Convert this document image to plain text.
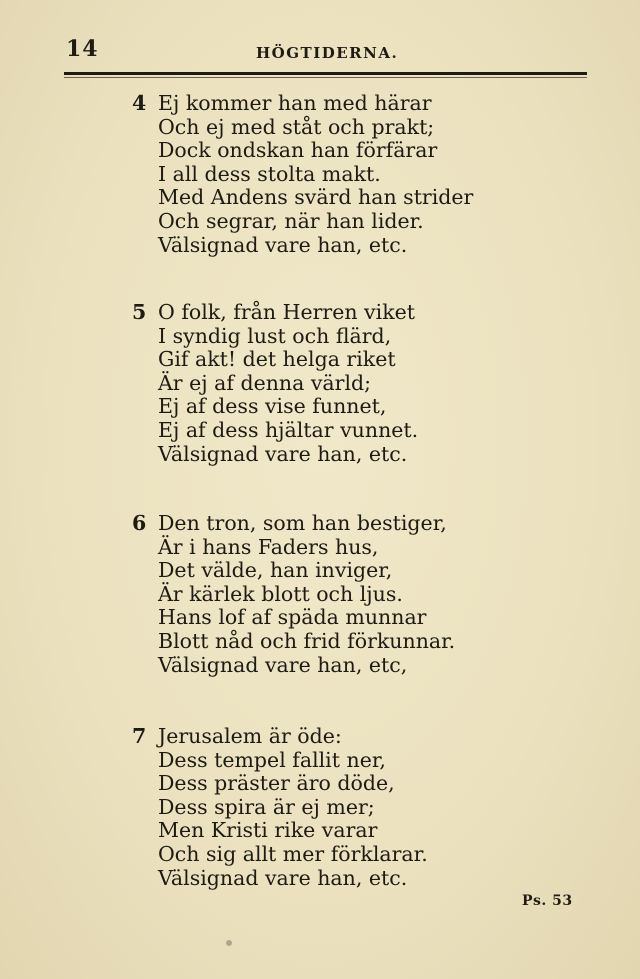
14	HÖGTIDERNA.
4 Ej kommer han med härar
Och ej med ståt och prakt;
Dock ondskan han förfärar
I all dess stolta makt.
Med Andens svärd han strider
Och segrar, när han lider.
Välsignad vare han, etc.
5 O folk, från Herren viket
I syndig lust och flärd,
Gif akt! det helga riket
Är ej af denna värld;
Ej af dess vise funnet,
Ej af dess hjältar vunnet.
Välsignad vare han, etc.
6 Den tron, som han bestiger,
Är i hans Faders hus,
Det välde, han inviger,
Är kärlek blott och ljus.
Hans lof af späda munnar
Blott nåd och frid förkunnar.
Välsignad vare han, etc,
7 Jerusalem är öde:
Dess tempel fallit ner,
Dess präster äro döde,
Dess spira är ej mer;
Men Kristi rike varar
Och sig allt mer förklarar.
Välsignad vare han, etc.
Ps. 53
